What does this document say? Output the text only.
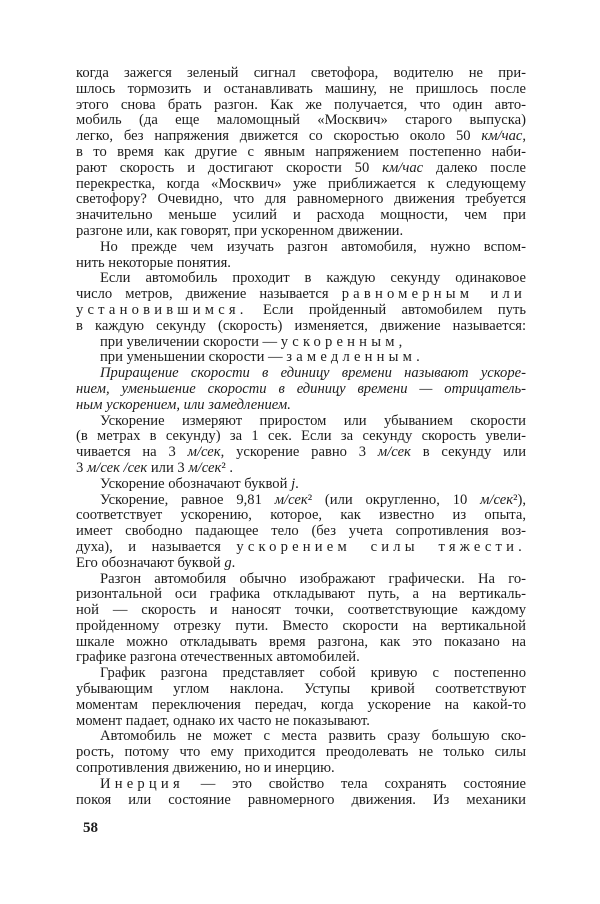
когда зажегся зеленый сигнал светофора, водителю не при-
шлось тормозить и останавливать машину, не пришлось после
этого снова брать разгон. Как же получается, что один авто-
мобиль (да еще маломощный «Москвич» старого выпуска)
легко, без напряжения движется со скоростью около 50 км/час,
в то время как другие с явным напряжением постепенно наби-
рают скорость и достигают скорости 50 км/час далеко после
перекрестка, когда «Москвич» уже приближается к следующему
светофору? Очевидно, что для равномерного движения требуется
значительно меньше усилий и расхода мощности, чем при
разгоне или, как говорят, при ускоренном движении.
Но прежде чем изучать разгон автомобиля, нужно вспом-
нить некоторые понятия.
Если автомобиль проходит в каждую секунду одинаковое
число метров, движение называется равномерным или
установившимся. Если пройденный автомобилем путь
в каждую секунду (скорость) изменяется, движение называется:
при увеличении скорости — ускоренным,
при уменьшении скорости — замедленным.
Приращение скорости в единицу времени называют ускоре-
нием, уменьшение скорости в единицу времени — отрицатель-
ным ускорением, или замедлением.
Ускорение измеряют приростом или убыванием скорости
(в метрах в секунду) за 1 сек. Если за секунду скорость увели-
чивается на 3 м/сек, ускорение равно 3 м/сек в секунду или
3 м/сек /сек или 3 м/сек² .
Ускорение обозначают буквой j.
Ускорение, равное 9,81 м/сек² (или округленно, 10 м/сек²),
соответствует ускорению, которое, как известно из опыта,
имеет свободно падающее тело (без учета сопротивления воз-
духа), и называется ускорением силы тяжести.
Его обозначают буквой g.
Разгон автомобиля обычно изображают графически. На го-
ризонтальной оси графика откладывают путь, а на вертикаль-
ной — скорость и наносят точки, соответствующие каждому
пройденному отрезку пути. Вместо скорости на вертикальной
шкале можно откладывать время разгона, как это показано на
графике разгона отечественных автомобилей.
График разгона представляет собой кривую с постепенно
убывающим углом наклона. Уступы кривой соответствуют
моментам переключения передач, когда ускорение на какой-то
момент падает, однако их часто не показывают.
Автомобиль не может с места развить сразу большую ско-
рость, потому что ему приходится преодолевать не только силы
сопротивления движению, но и инерцию.
Инерция — это свойство тела сохранять состояние
покоя или состояние равномерного движения. Из механики
58
